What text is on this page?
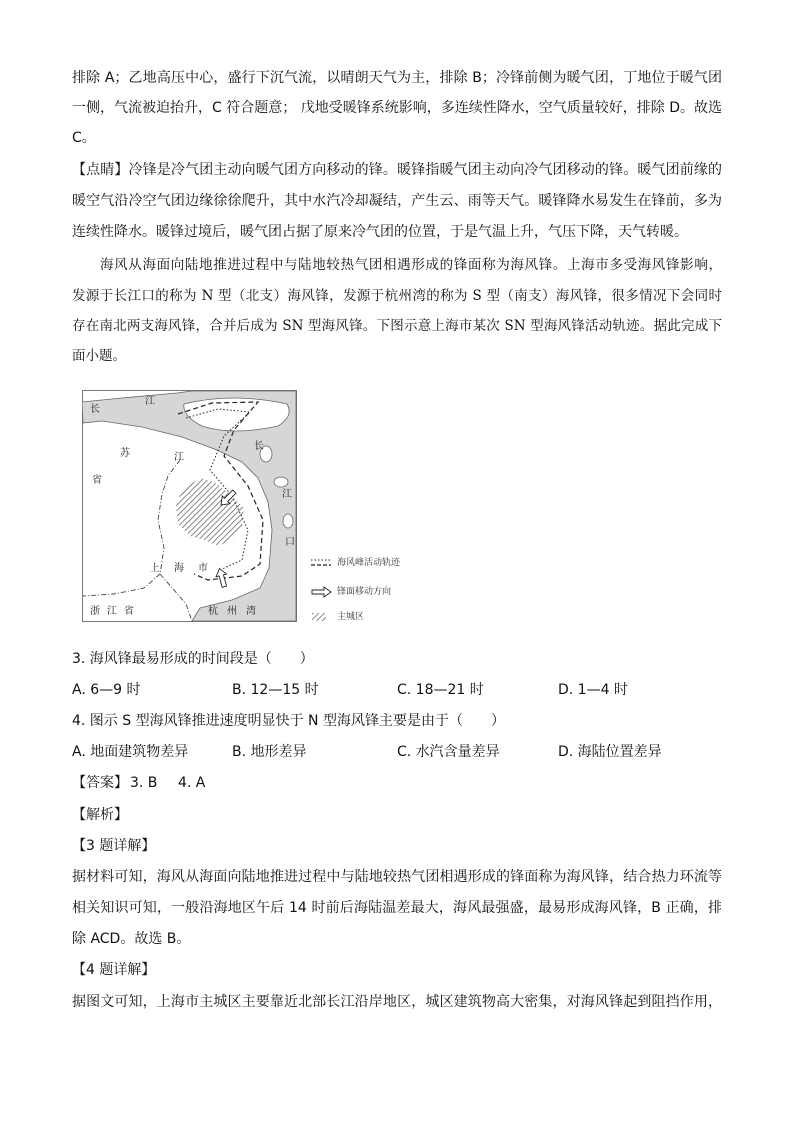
排除 A；乙地高压中心，盛行下沉气流，以晴朗天气为主，排除 B；冷锋前侧为暖气团，丁地位于暖气团
一侧，气流被迫抬升，C 符合题意； 戊地受暖锋系统影响，多连续性降水，空气质量较好，排除 D。故选
C。
【点睛】冷锋是冷气团主动向暖气团方向移动的锋。暖锋指暖气团主动向冷气团移动的锋。暖气团前缘的
暖空气沿冷空气团边缘徐徐爬升，其中水汽冷却凝结，产生云、雨等天气。暖锋降水易发生在锋前，多为
连续性降水。暖锋过境后，暖气团占据了原来冷气团的位置，于是气温上升，气压下降，天气转暖。
海风从海面向陆地推进过程中与陆地较热气团相遇形成的锋面称为海风锋。上海市多受海风锋影响，
发源于长江口的称为 N 型（北支）海风锋，发源于杭州湾的称为 S 型（南支）海风锋，很多情况下会同时
存在南北两支海风锋，合并后成为 SN 型海风锋。下图示意上海市某次 SN 型海风锋活动轨迹。据此完成下
面小题。
长
江
苏	江
省
长
江
口
上海市
浙江省	杭州湾
海风峰活动轨迹
锋面移动方向
主城区
3. 海风锋最易形成的时间段是（　　）
A. 6—9 时	B. 12—15 时	C. 18—21 时	D. 1—4 时
4. 图示 S 型海风锋推进速度明显快于 N 型海风锋主要是由于（　　）
A. 地面建筑物差异	B. 地形差异	C. 水汽含量差异	D. 海陆位置差异
【答案】 3. B 4. A
【解析】
【3 题详解】
据材料可知，海风从海面向陆地推进过程中与陆地较热气团相遇形成的锋面称为海风锋，结合热力环流等
相关知识可知，一般沿海地区午后 14 时前后海陆温差最大，海风最强盛，最易形成海风锋，B 正确，排
除 ACD。故选 B。
【4 题详解】
据图文可知，上海市主城区主要靠近北部长江沿岸地区，城区建筑物高大密集，对海风锋起到阻挡作用，
